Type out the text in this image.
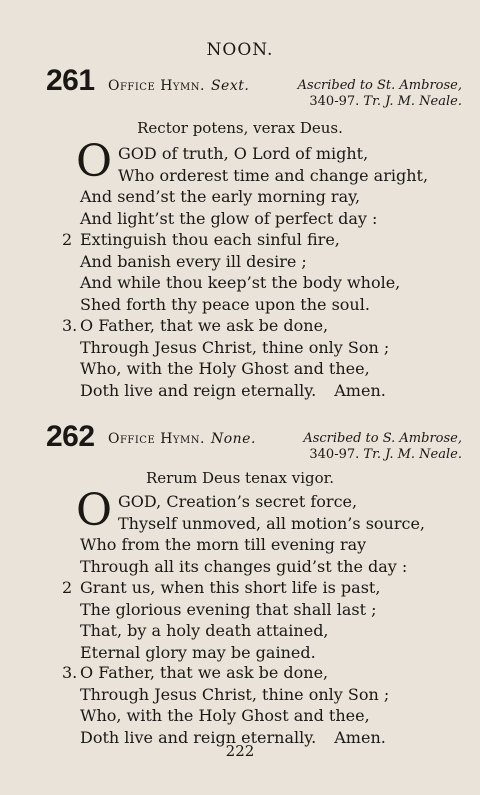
NOON.
261 Office Hymn. Sext.	Ascribed to St. Ambrose,
340-97. Tr. J. M. Neale.
Rector potens, verax Deus.
O GOD of truth, O Lord of might,
Who orderest time and change aright,
And send’st the early morning ray,
And light’st the glow of perfect day :
2 Extinguish thou each sinful fire,
And banish every ill desire ;
And while thou keep’st the body whole,
Shed forth thy peace upon the soul.
3. O Father, that we ask be done,
Through Jesus Christ, thine only Son ;
Who, with the Holy Ghost and thee,
Doth live and reign eternally. Amen.
262 Office Hymn. None.	Ascribed to S. Ambrose,
340-97. Tr. J. M. Neale.
Rerum Deus tenax vigor.
O GOD, Creation’s secret force,
Thyself unmoved, all motion’s source,
Who from the morn till evening ray
Through all its changes guid’st the day :
2 Grant us, when this short life is past,
The glorious evening that shall last ;
That, by a holy death attained,
Eternal glory may be gained.
3. O Father, that we ask be done,
Through Jesus Christ, thine only Son ;
Who, with the Holy Ghost and thee,
Doth live and reign eternally. Amen.
222
